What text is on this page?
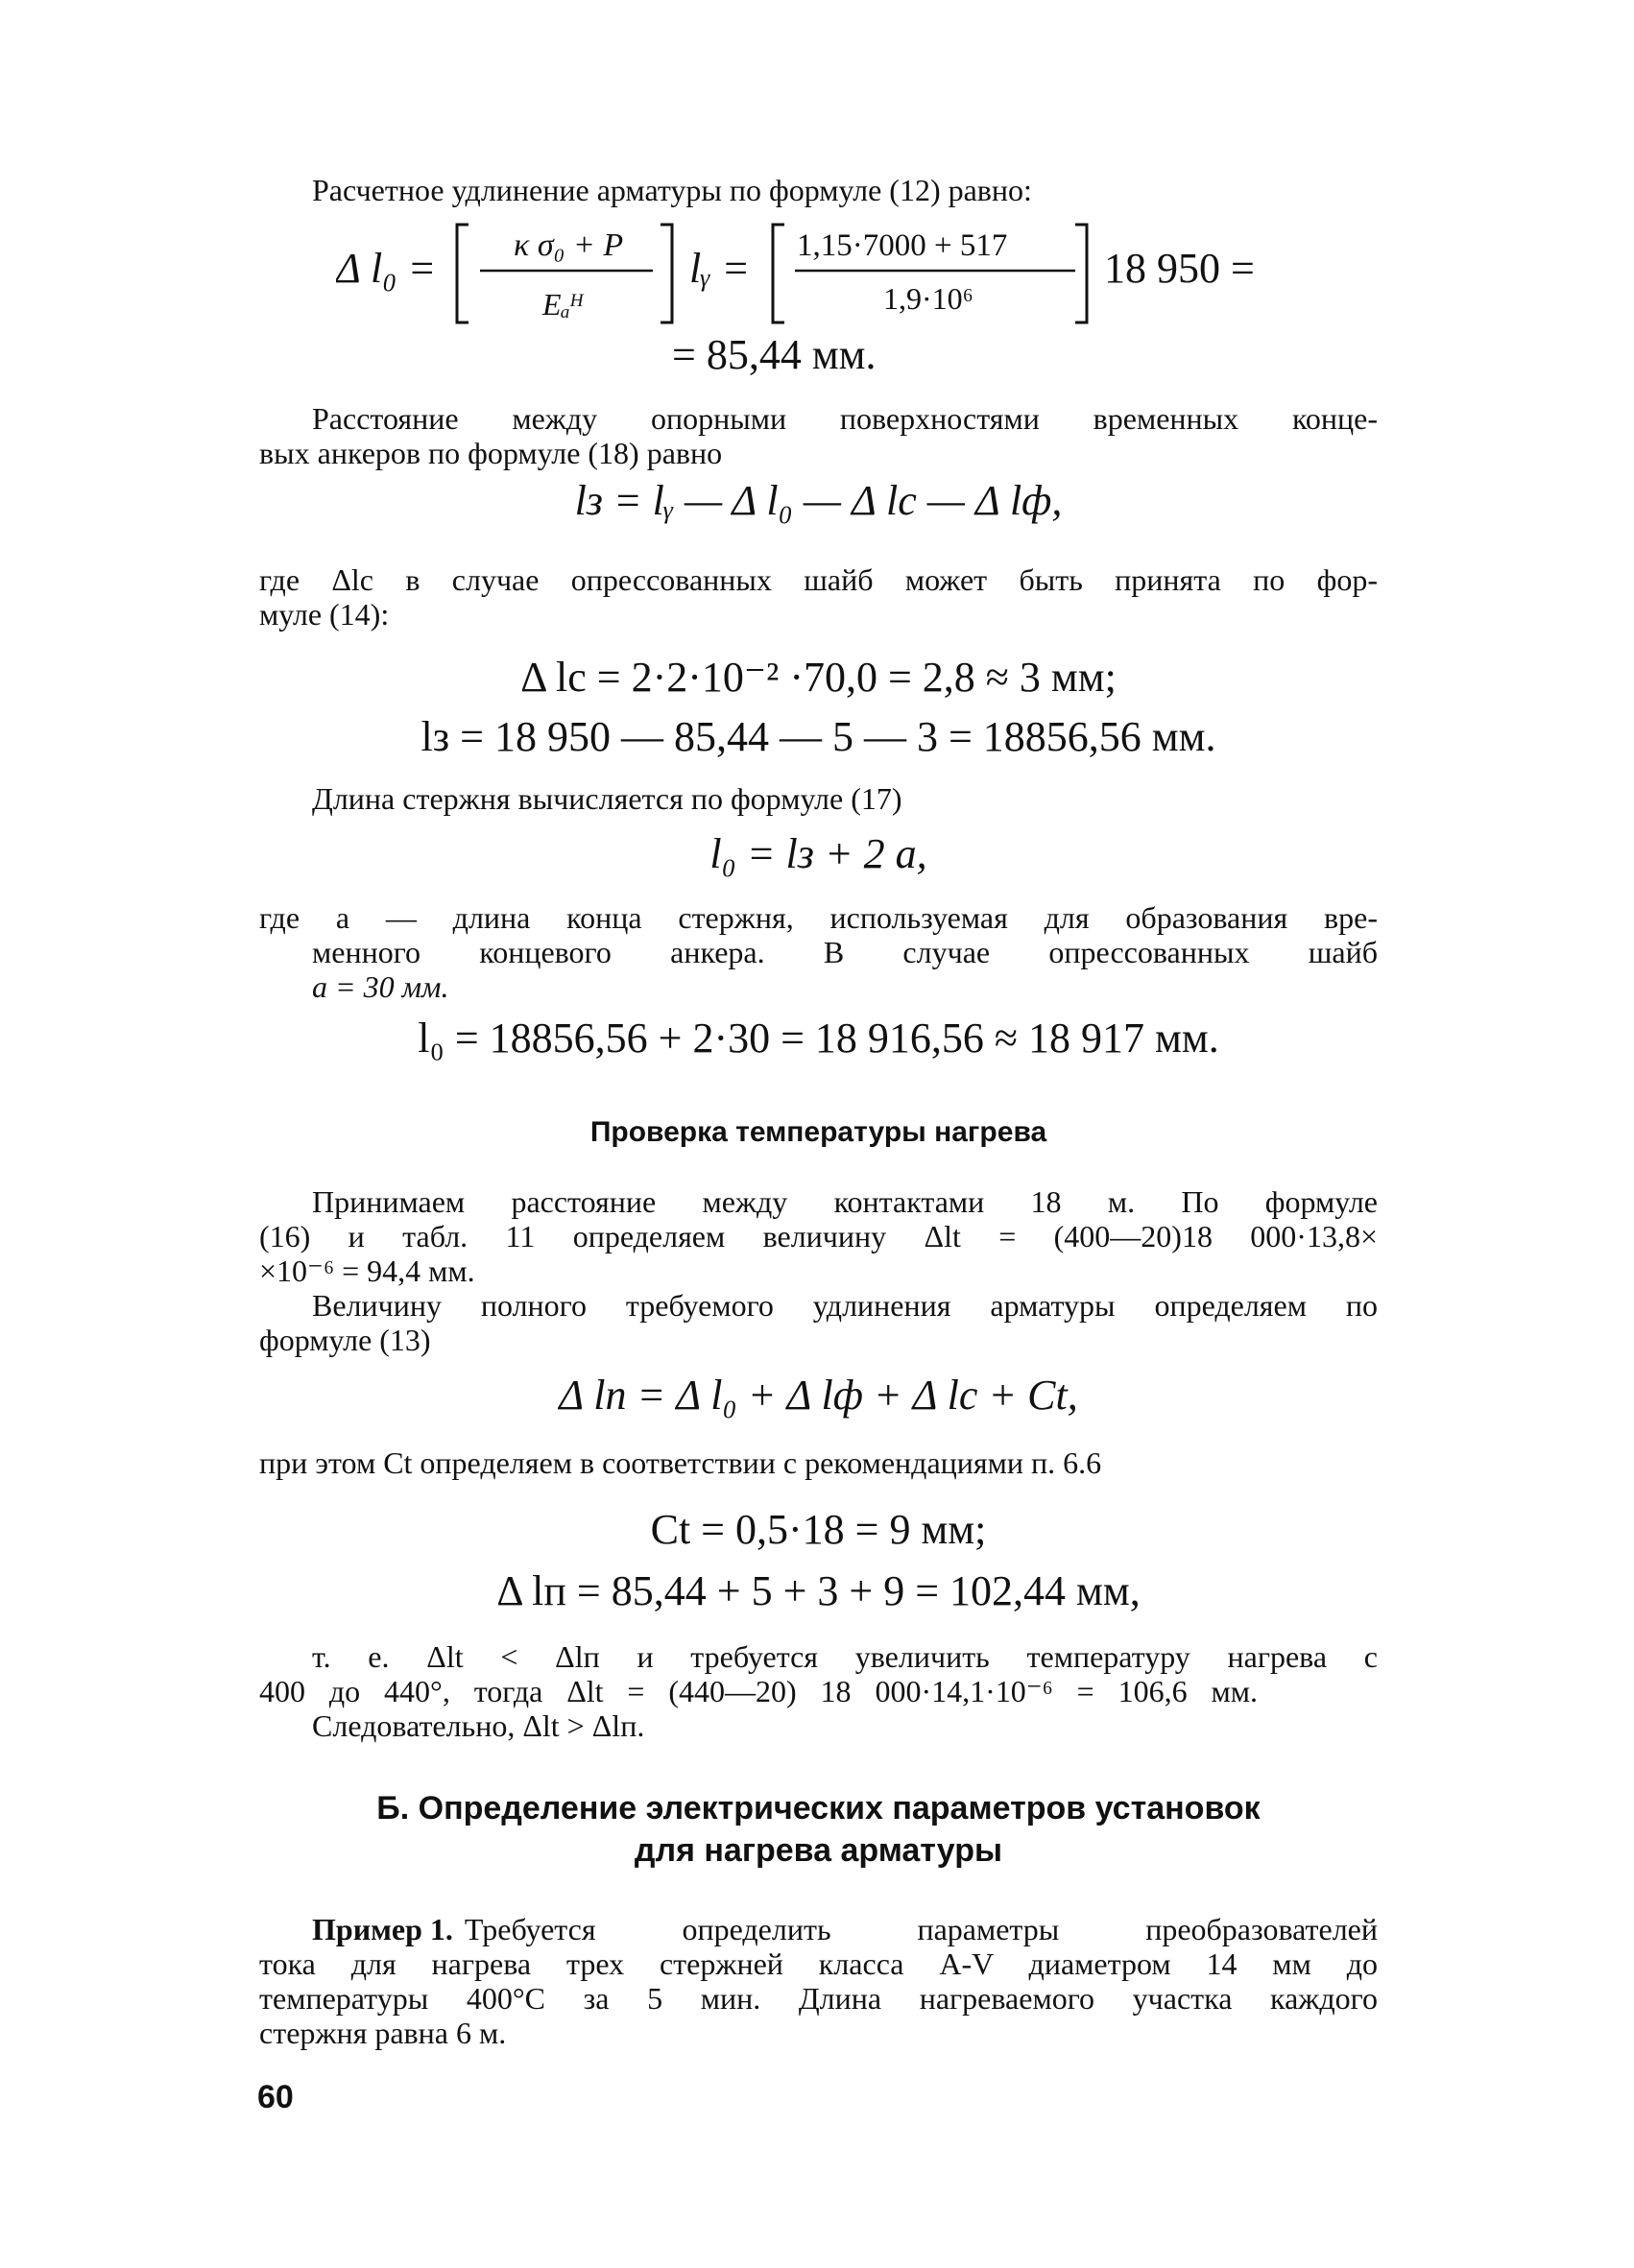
Расчетное удлинение арматуры по формуле (12) равно:
Δ l₀ = κ σ₀ + P
Eₐᴴ
lᵧ = 1,15·7000 + 517
1,9·10⁶
18 950 =
= 85,44 мм.
Расстояние между опорными поверхностями временных конце-
вых анкеров по формуле (18) равно
lз = lᵧ — Δ l₀ — Δ lс — Δ lф,
где Δlс в случае опрессованных шайб может быть принята по фор-
муле (14):
Δ lс = 2·2·10⁻² ·70,0 = 2,8 ≈ 3 мм;
lз = 18 950 — 85,44 — 5 — 3 = 18856,56 мм.
Длина стержня вычисляется по формуле (17)
l₀ = lз + 2 a,
где a — длина конца стержня, используемая для образования вре-
менного концевого анкера. В случае опрессованных шайб
a = 30 мм.
l₀ = 18856,56 + 2·30 = 18 916,56 ≈ 18 917 мм.
Проверка температуры нагрева
Принимаем расстояние между контактами 18 м. По формуле
(16) и табл. 11 определяем величину Δlt = (400—20)18 000·13,8×
×10⁻⁶ = 94,4 мм.
Величину полного требуемого удлинения арматуры определяем по
формуле (13)
Δ lп = Δ l₀ + Δ lф + Δ lс + Ct,
при этом Ct определяем в соответствии с рекомендациями п. 6.6
Ct = 0,5·18 = 9 мм;
Δ lп = 85,44 + 5 + 3 + 9 = 102,44 мм,
т. е. Δlt < Δlп и требуется увеличить температуру нагрева с
400 до 440°, тогда Δlt = (440—20) 18 000·14,1·10⁻⁶ = 106,6 мм.
Следовательно, Δlt > Δlп.
Б. Определение электрических параметров установок
для нагрева арматуры
Пример 1. Требуется определить параметры преобразователей
тока для нагрева трех стержней класса А-V диаметром 14 мм до
температуры 400°C за 5 мин. Длина нагреваемого участка каждого
стержня равна 6 м.
60
